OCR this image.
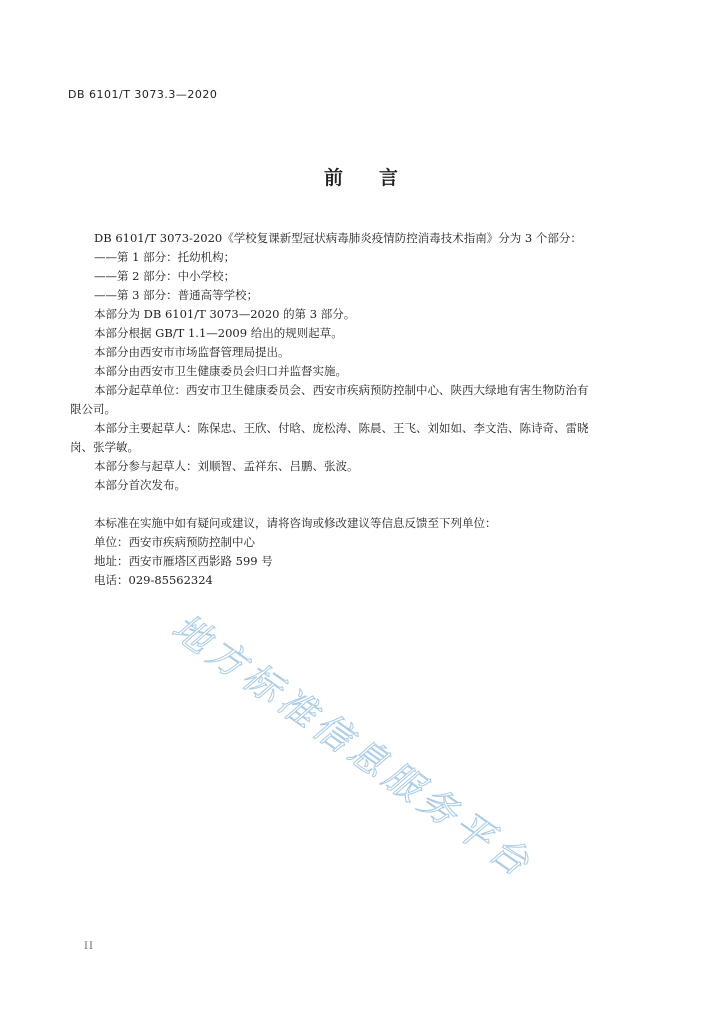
DB 6101/T 3073.3—2020
前 言

DB 6101/T 3073-2020《学校复课新型冠状病毒肺炎疫情防控消毒技术指南》分为 3 个部分：

——第 1 部分：托幼机构；

——第 2 部分：中小学校；

——第 3 部分：普通高等学校；

本部分为 DB 6101/T 3073—2020 的第 3 部分。

本部分根据 GB/T 1.1—2009 给出的规则起草。

本部分由西安市市场监督管理局提出。

本部分由西安市卫生健康委员会归口并监督实施。

本部分起草单位：西安市卫生健康委员会、西安市疾病预防控制中心、陕西大绿地有害生物防治有

限公司。

本部分主要起草人：陈保忠、王欣、付晗、庞松涛、陈晨、王飞、刘如如、李文浩、陈诗奇、雷晓

岗、张学敏。

本部分参与起草人：刘顺智、孟祥东、吕鹏、张波。

本部分首次发布。

本标准在实施中如有疑问或建议，请将咨询或修改建议等信息反馈至下列单位：

单位：西安市疾病预防控制中心

地址：西安市雁塔区西影路 599 号

电话：029-85562324

地方标准信息服务平台
II
